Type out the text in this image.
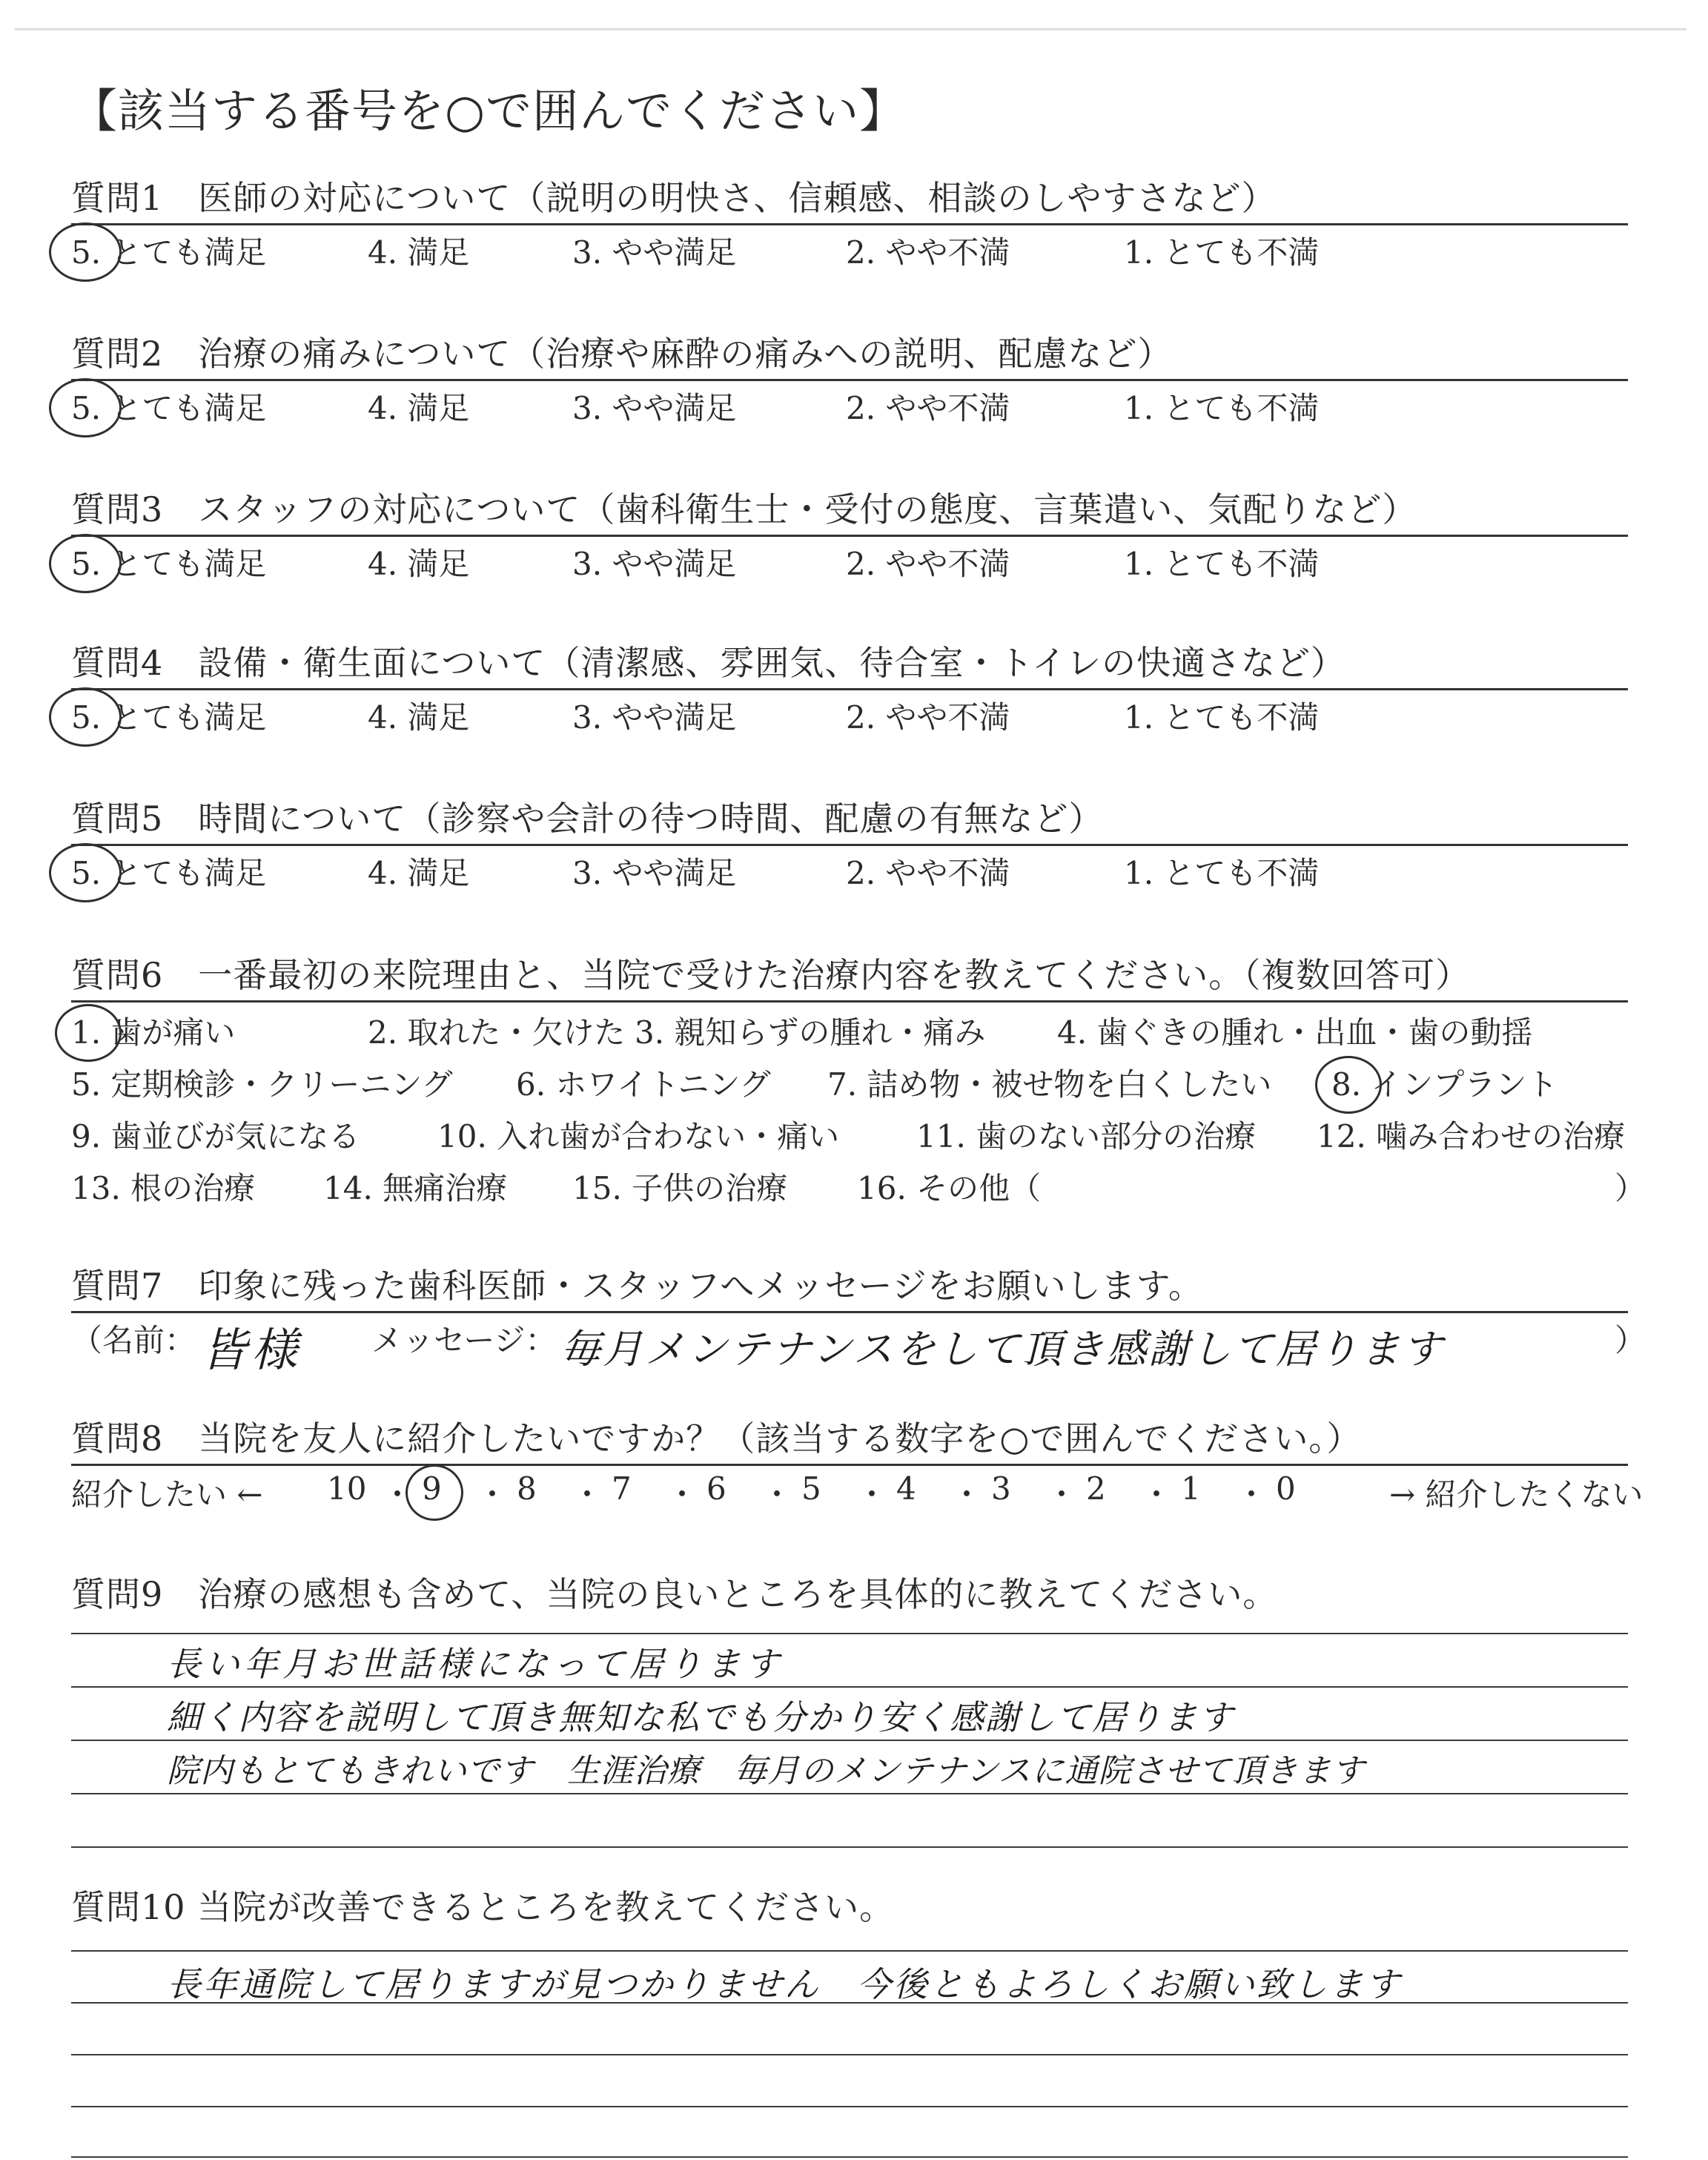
【該当する番号を○で囲んでください】
質問1　医師の対応について（説明の明快さ、信頼感、相談のしやすさなど）
5. とても満足	4. 満足	3. やや満足	2. やや不満	1. とても不満
質問2　治療の痛みについて（治療や麻酔の痛みへの説明、配慮など）
5. とても満足	4. 満足	3. やや満足	2. やや不満	1. とても不満
質問3　スタッフの対応について（歯科衛生士・受付の態度、言葉遣い、気配りなど）
5. とても満足	4. 満足	3. やや満足	2. やや不満	1. とても不満
質問4　設備・衛生面について（清潔感、雰囲気、待合室・トイレの快適さなど）
5. とても満足	4. 満足	3. やや満足	2. やや不満	1. とても不満
質問5　時間について（診察や会計の待つ時間、配慮の有無など）
5. とても満足	4. 満足	3. やや満足	2. やや不満	1. とても不満
質問6　一番最初の来院理由と、当院で受けた治療内容を教えてください。（複数回答可）
1. 歯が痛い	2. 取れた・欠けた 3. 親知らずの腫れ・痛み 4. 歯ぐきの腫れ・出血・歯の動揺
5. 定期検診・クリーニング 6. ホワイトニング 7. 詰め物・被せ物を白くしたい 8. インプラント
9. 歯並びが気になる 10. 入れ歯が合わない・痛い 11. 歯のない部分の治療 12. 噛み合わせの治療
13. 根の治療 14. 無痛治療 15. 子供の治療 16. その他（	）
質問7　印象に残った歯科医師・スタッフへメッセージをお願いします。
（名前： 皆様 メッセージ： 毎月メンテナンスをして頂き感謝して居ります	）
質問8　当院を友人に紹介したいですか？（該当する数字を○で囲んでください。）
紹介したい ←	→ 紹介したくない
10 ・ 9 ・ 8 ・ 7 ・ 6 ・ 5 ・ 4 ・ 3 ・ 2 ・ 1 ・ 0
質問9　治療の感想も含めて、当院の良いところを具体的に教えてください。
長い年月お世話様になって居ります
細く内容を説明して頂き無知な私でも分かり安く感謝して居ります
院内もとてもきれいです　生涯治療　毎月のメンテナンスに通院させて頂きます
質問10 当院が改善できるところを教えてください。
長年通院して居りますが見つかりません　今後ともよろしくお願い致します
